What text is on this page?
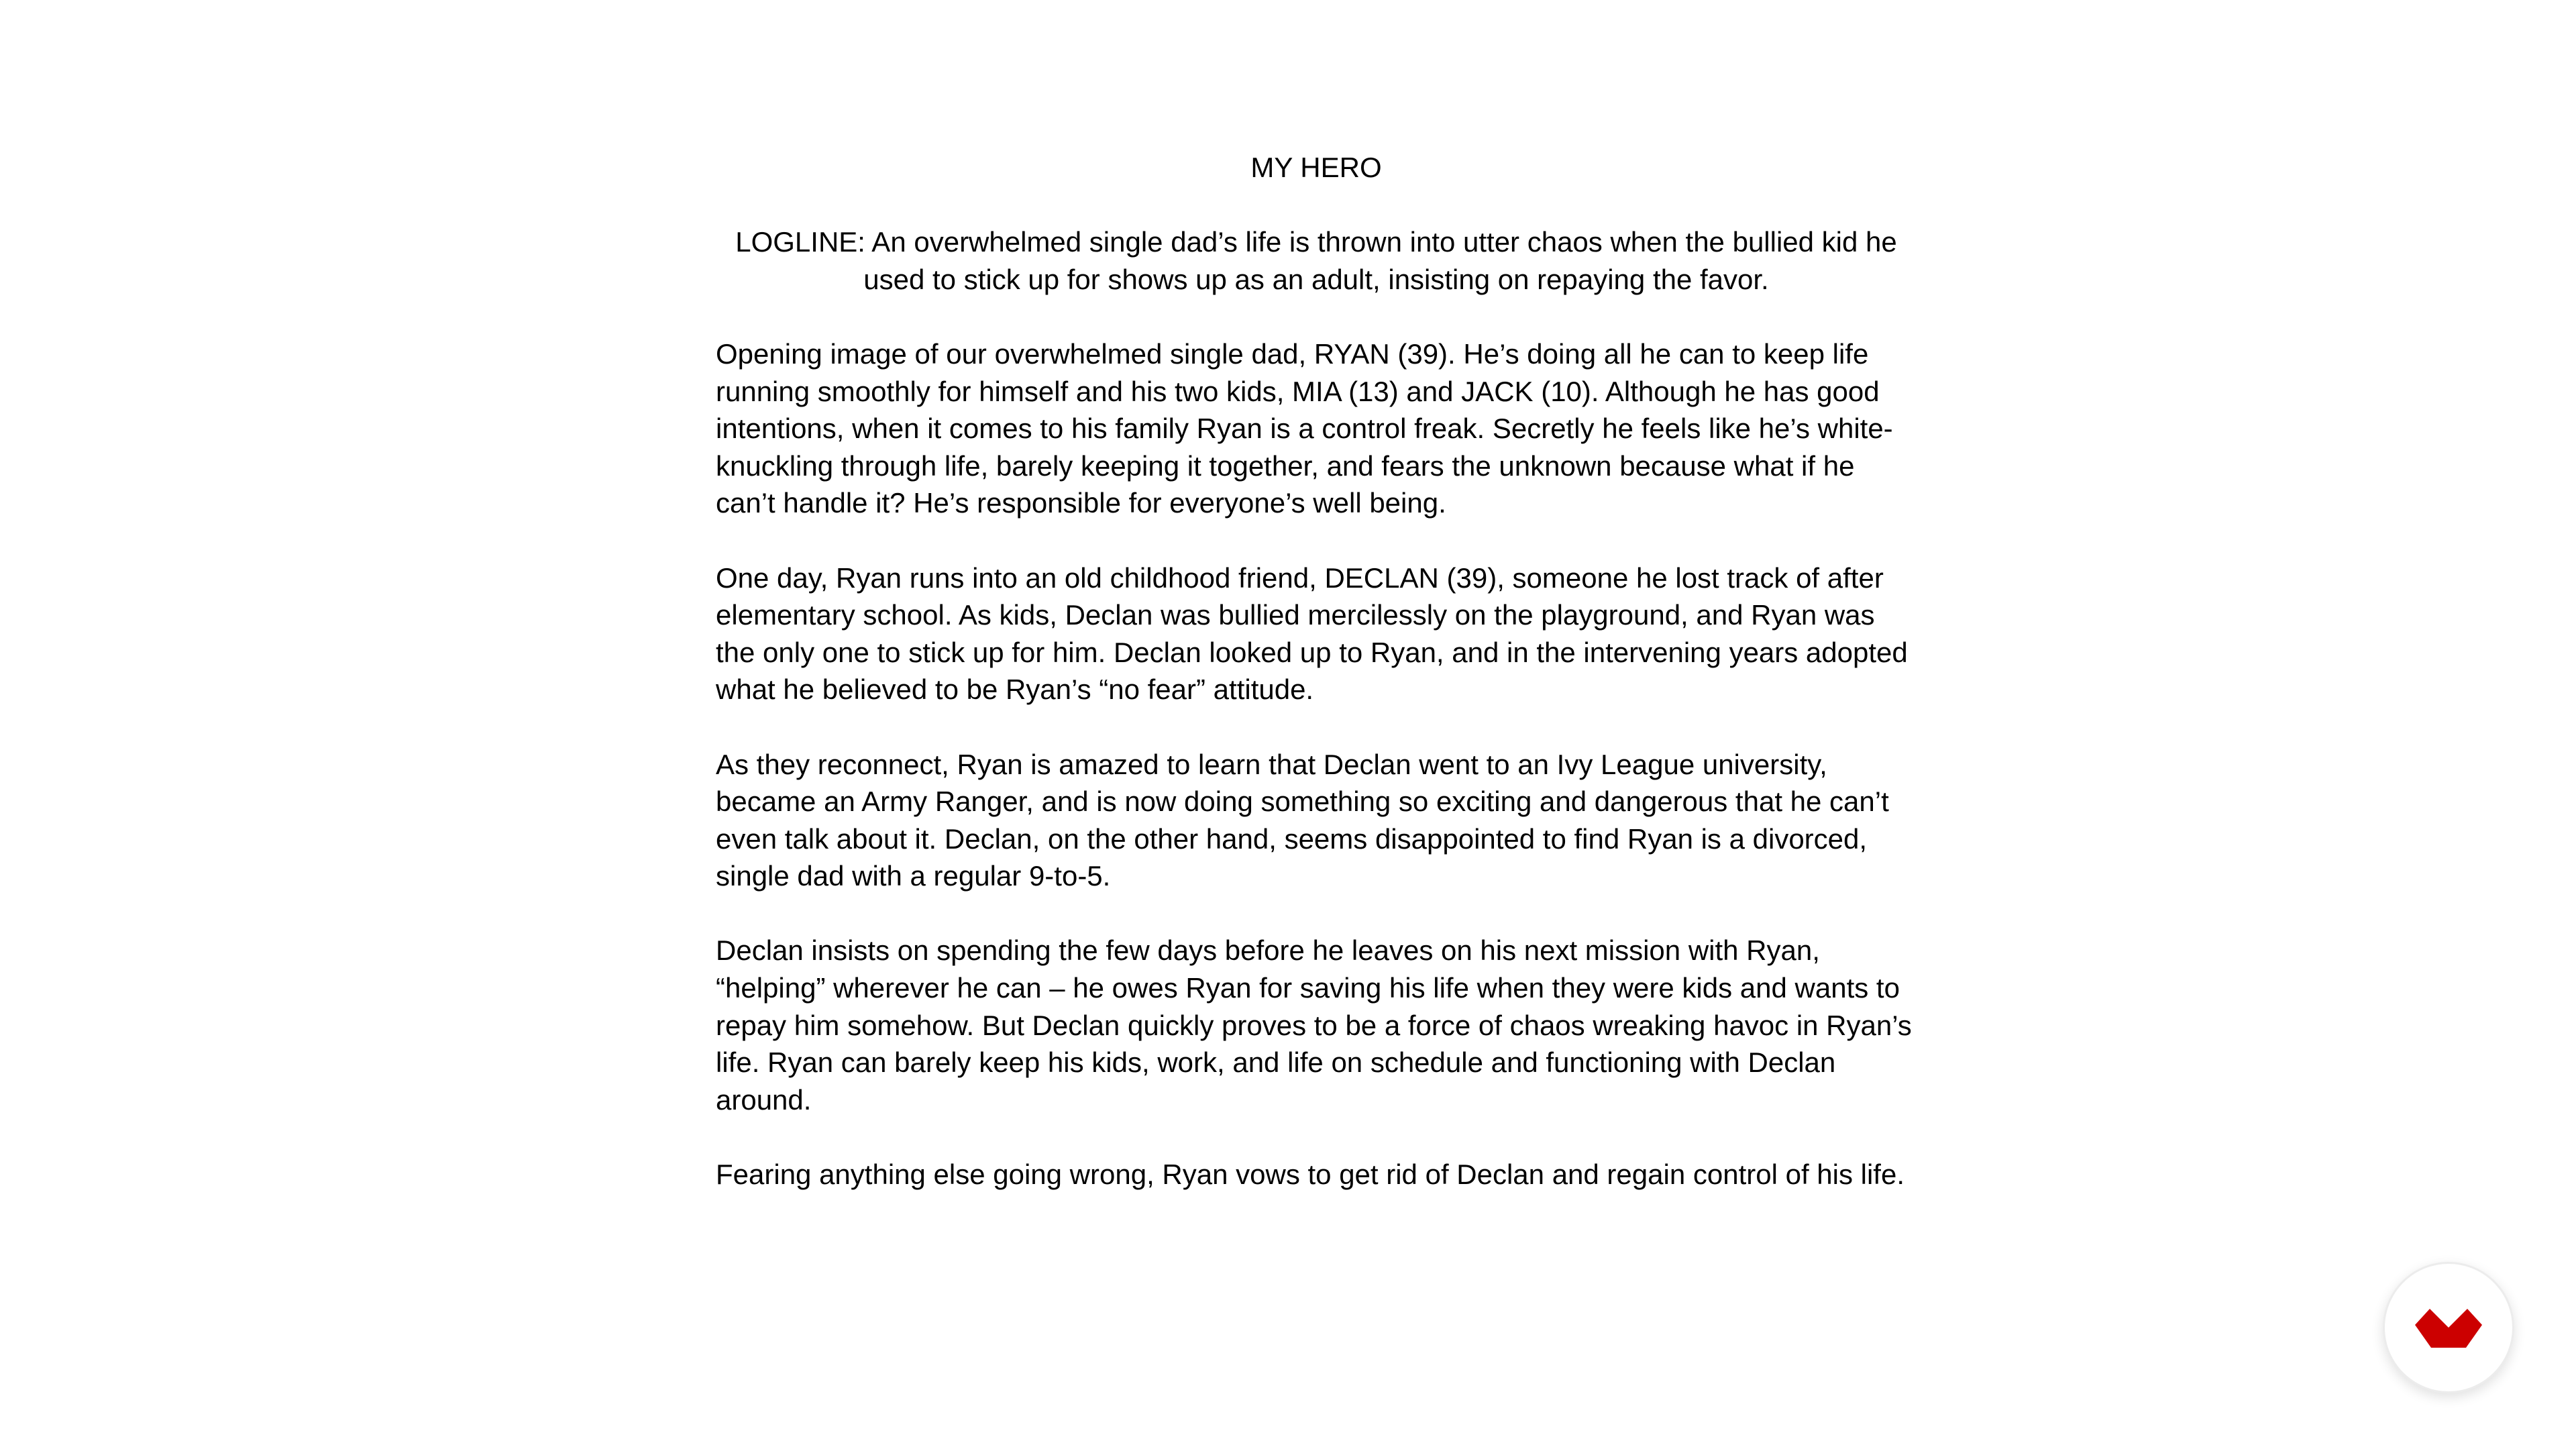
MY HERO

LOGLINE: An overwhelmed single dad’s life is thrown into utter chaos when the bullied kid he used to stick up for shows up as an adult, insisting on repaying the favor.

Opening image of our overwhelmed single dad, RYAN (39). He’s doing all he can to keep life running smoothly for himself and his two kids, MIA (13) and JACK (10). Although he has good intentions, when it comes to his family Ryan is a control freak. Secretly he feels like he’s white-knuckling through life, barely keeping it together, and fears the unknown because what if he can’t handle it? He’s responsible for everyone’s well being.

One day, Ryan runs into an old childhood friend, DECLAN (39), someone he lost track of after elementary school. As kids, Declan was bullied mercilessly on the playground, and Ryan was the only one to stick up for him. Declan looked up to Ryan, and in the intervening years adopted what he believed to be Ryan’s “no fear” attitude.

As they reconnect, Ryan is amazed to learn that Declan went to an Ivy League university, became an Army Ranger, and is now doing something so exciting and dangerous that he can’t even talk about it. Declan, on the other hand, seems disappointed to find Ryan is a divorced, single dad with a regular 9-to-5.

Declan insists on spending the few days before he leaves on his next mission with Ryan, “helping” wherever he can – he owes Ryan for saving his life when they were kids and wants to repay him somehow. But Declan quickly proves to be a force of chaos wreaking havoc in Ryan’s life. Ryan can barely keep his kids, work, and life on schedule and functioning with Declan around.

Fearing anything else going wrong, Ryan vows to get rid of Declan and regain control of his life.
